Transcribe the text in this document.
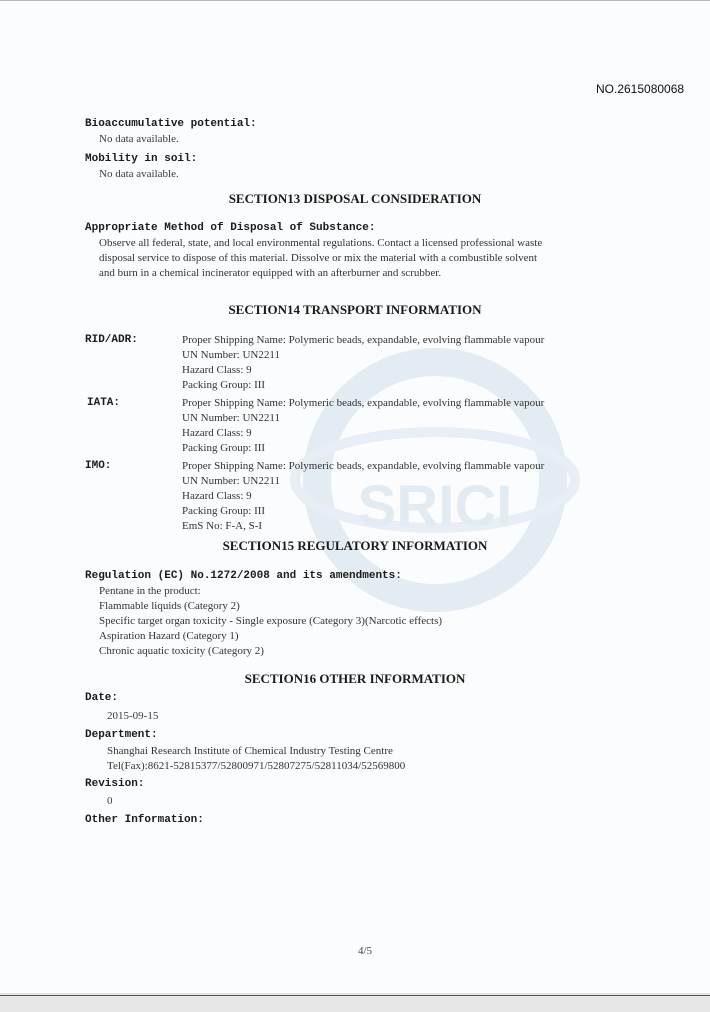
SRICI
NO.2615080068
Bioaccumulative potential:
No data available.
Mobility in soil:
No data available.
SECTION13 DISPOSAL CONSIDERATION
Appropriate Method of Disposal of Substance:
Observe all federal, state, and local environmental regulations. Contact a licensed professional waste
disposal service to dispose of this material. Dissolve or mix the material with a combustible solvent
and burn in a chemical incinerator equipped with an afterburner and scrubber.
SECTION14 TRANSPORT INFORMATION
RID/ADR:	Proper Shipping Name: Polymeric beads, expandable, evolving flammable vapour
UN Number: UN2211
Hazard Class: 9
Packing Group: III
IATA:	Proper Shipping Name: Polymeric beads, expandable, evolving flammable vapour
UN Number: UN2211
Hazard Class: 9
Packing Group: III
IMO:	Proper Shipping Name: Polymeric beads, expandable, evolving flammable vapour
UN Number: UN2211
Hazard Class: 9
Packing Group: III
EmS No: F-A, S-I
SECTION15 REGULATORY INFORMATION
Regulation (EC) No.1272/2008 and its amendments:
Pentane in the product:
Flammable liquids (Category 2)
Specific target organ toxicity - Single exposure (Category 3)(Narcotic effects)
Aspiration Hazard (Category 1)
Chronic aquatic toxicity (Category 2)
SECTION16 OTHER INFORMATION
Date:
2015-09-15
Department:
Shanghai Research Institute of Chemical Industry Testing Centre
Tel(Fax):8621-52815377/52800971/52807275/52811034/52569800
Revision:
0
Other Information:
4/5
